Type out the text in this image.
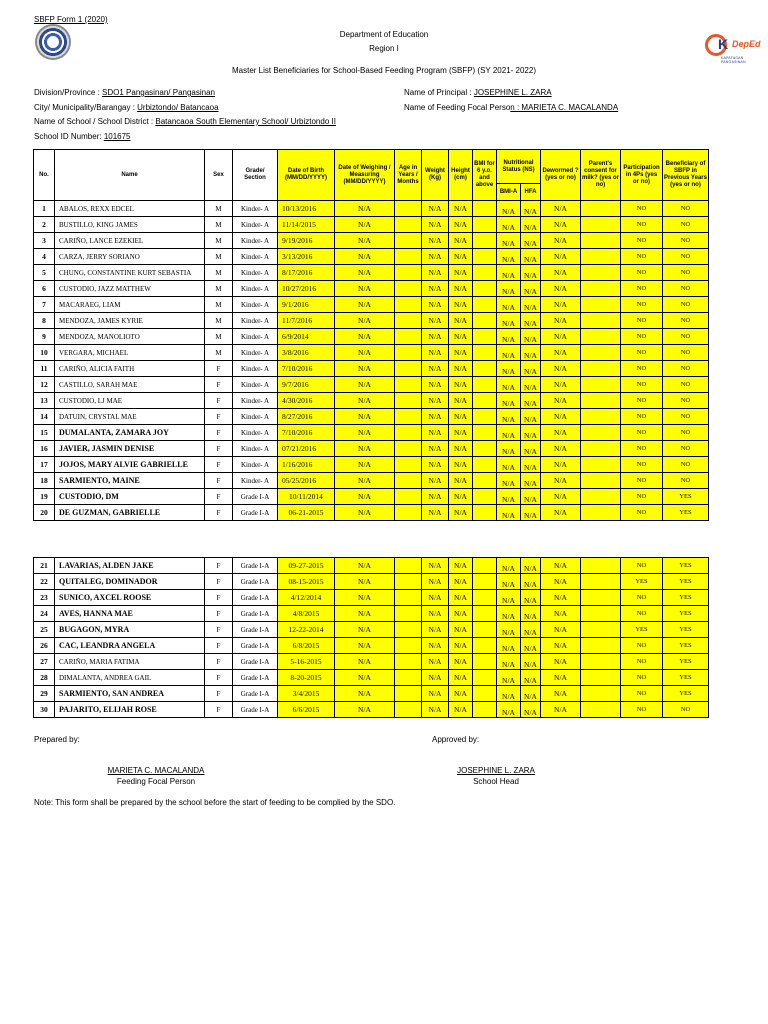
SBFP Form 1 (2020)
Department of Education
Region I
Master List Beneficiaries for School-Based Feeding Program (SBFP) (SY 2021- 2022)
K DepEd
KAPATAGAN PANGASINAN
Division/Province : SDO1 Pangasinan/ Pangasinan
City/ Municipality/Barangay : Urbiztondo/ Batancaoa
Name of School / School District : Batancaoa South Elementary School/ Urbiztondo II
School ID Number: 101675
Name of Principal : JOSEPHINE L. ZARA
Name of Feeding Focal Person : MARIETA C. MACALANDA
No.	Name	Sex	Grade/ Section	Date of Birth (MM/DD/YYYY)	Date of Weighing / Measuring (MM/DD/YYYY)	Age in Years / Months	Weight (Kg)	Height (cm)	BMI for 6 y.o. and above	Nutritional Status (NS)		Dewormed ? (yes or no)	Parent's consent for milk? (yes or no)	Participation in 4Ps (yes or no)	Beneficiary of SBFP in Previous Years (yes or no)
										BMI-A	HFA				
1	ABALOS, REXX EDCEL	M	Kinder- A	10/13/2016	N/A		N/A	N/A		N/A	N/A	N/A		NO	NO
2	BUSTILLO, KING JAMES	M	Kinder- A	11/14/2015	N/A		N/A	N/A		N/A	N/A	N/A		NO	NO
3	CARIÑO, LANCE EZEKIEL	M	Kinder- A	9/19/2016	N/A		N/A	N/A		N/A	N/A	N/A		NO	NO
4	CARZA, JERRY SORIANO	M	Kinder- A	3/13/2016	N/A		N/A	N/A		N/A	N/A	N/A		NO	NO
5	CHUNG, CONSTANTINE KURT SEBASTIA	M	Kinder- A	8/17/2016	N/A		N/A	N/A		N/A	N/A	N/A		NO	NO
6	CUSTODIO, JAZZ MATTHEW	M	Kinder- A	10/27/2016	N/A		N/A	N/A		N/A	N/A	N/A		NO	NO
7	MACARAEG, LIAM	M	Kinder- A	9/1/2016	N/A		N/A	N/A		N/A	N/A	N/A		NO	NO
8	MENDOZA, JAMES KYRIE	M	Kinder- A	11/7/2016	N/A		N/A	N/A		N/A	N/A	N/A		NO	NO
9	MENDOZA, MANOLIOTO	M	Kinder- A	6/9/2014	N/A		N/A	N/A		N/A	N/A	N/A		NO	NO
10	VERGARA, MICHAEL	M	Kinder- A	3/8/2016	N/A		N/A	N/A		N/A	N/A	N/A		NO	NO
11	CARIÑO, ALICIA FAITH	F	Kinder- A	7/10/2016	N/A		N/A	N/A		N/A	N/A	N/A		NO	NO
12	CASTILLO, SARAH MAE	F	Kinder- A	9/7/2016	N/A		N/A	N/A		N/A	N/A	N/A		NO	NO
13	CUSTODIO, LJ MAE	F	Kinder- A	4/30/2016	N/A		N/A	N/A		N/A	N/A	N/A		NO	NO
14	DATUIN, CRYSTAL MAE	F	Kinder- A	8/27/2016	N/A		N/A	N/A		N/A	N/A	N/A		NO	NO
15	DUMALANTA, ZAMARA JOY	F	Kinder- A	7/10/2016	N/A		N/A	N/A		N/A	N/A	N/A		NO	NO
16	JAVIER, JASMIN DENISE	F	Kinder- A	07/21/2016	N/A		N/A	N/A		N/A	N/A	N/A		NO	NO
17	JOJOS, MARY ALVIE GABRIELLE	F	Kinder- A	1/16/2016	N/A		N/A	N/A		N/A	N/A	N/A		NO	NO
18	SARMIENTO, MAINE	F	Kinder- A	05/25/2016	N/A		N/A	N/A		N/A	N/A	N/A		NO	NO
19	CUSTODIO, DM	F	Grade I-A	10/11/2014	N/A		N/A	N/A		N/A	N/A	N/A		NO	YES
20	DE GUZMAN, GABRIELLE	F	Grade I-A	06-21-2015	N/A		N/A	N/A		N/A	N/A	N/A		NO	YES
21	LAVARIAS, ALDEN JAKE	F	Grade I-A	09-27-2015	N/A		N/A	N/A		N/A	N/A	N/A		NO	YES
22	QUITALEG, DOMINADOR	F	Grade I-A	08-15-2015	N/A		N/A	N/A		N/A	N/A	N/A		YES	YES
23	SUNICO, AXCEL ROOSE	F	Grade I-A	4/12/2014	N/A		N/A	N/A		N/A	N/A	N/A		NO	YES
24	AVES, HANNA MAE	F	Grade I-A	4/8/2015	N/A		N/A	N/A		N/A	N/A	N/A		NO	YES
25	BUGAGON, MYRA	F	Grade I-A	12-22-2014	N/A		N/A	N/A		N/A	N/A	N/A		YES	YES
26	CAC, LEANDRA ANGELA	F	Grade I-A	6/8/2015	N/A		N/A	N/A		N/A	N/A	N/A		NO	YES
27	CARIÑO, MARIA FATIMA	F	Grade I-A	5-16-2015	N/A		N/A	N/A		N/A	N/A	N/A		NO	YES
28	DIMALANTA, ANDREA GAIL	F	Grade I-A	8-20-2015	N/A		N/A	N/A		N/A	N/A	N/A		NO	YES
29	SARMIENTO, SAN ANDREA	F	Grade I-A	3/4/2015	N/A		N/A	N/A		N/A	N/A	N/A		NO	YES
30	PAJARITO, ELIJAH ROSE	F	Grade I-A	6/6/2015	N/A		N/A	N/A		N/A	N/A	N/A		NO	NO
Prepared by:	Approved by:
MARIETA C. MACALANDA
Feeding Focal Person
JOSEPHINE L. ZARA
School Head
Note: This form shall be prepared by the school before the start of feeding to be complied by the SDO.
